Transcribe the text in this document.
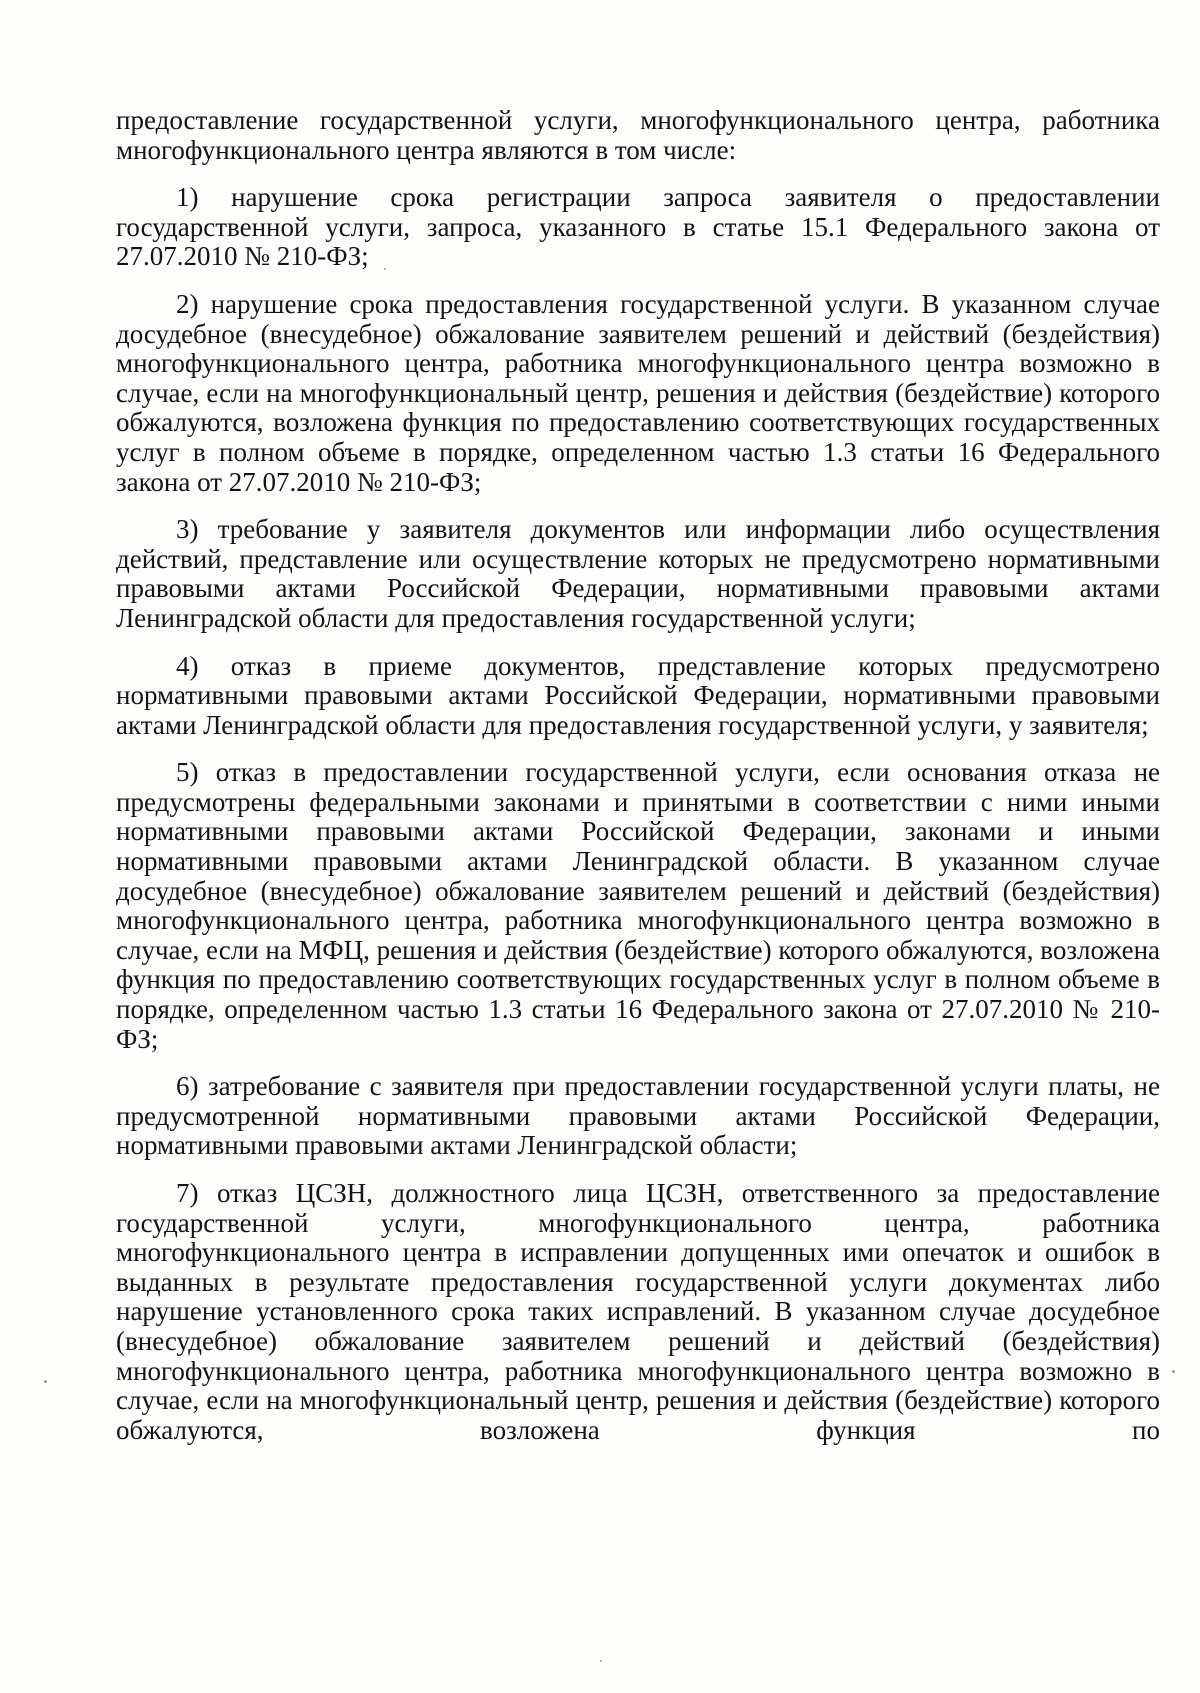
предоставление государственной услуги, многофункционального центра, работника многофункционального центра являются в том числе:

1) нарушение срока регистрации запроса заявителя о предоставлении государственной услуги, запроса, указанного в статье 15.1 Федерального закона от 27.07.2010 № 210-ФЗ;

2) нарушение срока предоставления государственной услуги. В указанном случае досудебное (внесудебное) обжалование заявителем решений и действий (бездействия) многофункционального центра, работника многофункционального центра возможно в случае, если на многофункциональный центр, решения и действия (бездействие) которого обжалуются, возложена функция по предоставлению соответствующих государственных услуг в полном объеме в порядке, определенном частью 1.3 статьи 16 Федерального закона от 27.07.2010 № 210-ФЗ;

3) требование у заявителя документов или информации либо осуществления действий, представление или осуществление которых не предусмотрено нормативными правовыми актами Российской Федерации, нормативными правовыми актами Ленинградской области для предоставления государственной услуги;

4) отказ в приеме документов, представление которых предусмотрено нормативными правовыми актами Российской Федерации, нормативными правовыми актами Ленинградской области для предоставления государственной услуги, у заявителя;

5) отказ в предоставлении государственной услуги, если основания отказа не предусмотрены федеральными законами и принятыми в соответствии с ними иными нормативными правовыми актами Российской Федерации, законами и иными нормативными правовыми актами Ленинградской области. В указанном случае досудебное (внесудебное) обжалование заявителем решений и действий (бездействия) многофункционального центра, работника многофункционального центра возможно в случае, если на МФЦ, решения и действия (бездействие) которого обжалуются, возложена функция по предоставлению соответствующих государственных услуг в полном объеме в порядке, определенном частью 1.3 статьи 16 Федерального закона от 27.07.2010 № 210-ФЗ;

6) затребование с заявителя при предоставлении государственной услуги платы, не предусмотренной нормативными правовыми актами Российской Федерации, нормативными правовыми актами Ленинградской области;

7) отказ ЦСЗН, должностного лица ЦСЗН, ответственного за предоставление государственной услуги, многофункционального центра, работника многофункционального центра в исправлении допущенных ими опечаток и ошибок в выданных в результате предоставления государственной услуги документах либо нарушение установленного срока таких исправлений. В указанном случае досудебное (внесудебное) обжалование заявителем решений и действий (бездействия) многофункционального центра, работника многофункционального центра возможно в случае, если на многофункциональный центр, решения и действия (бездействие) которого обжалуются, возложена функция по
